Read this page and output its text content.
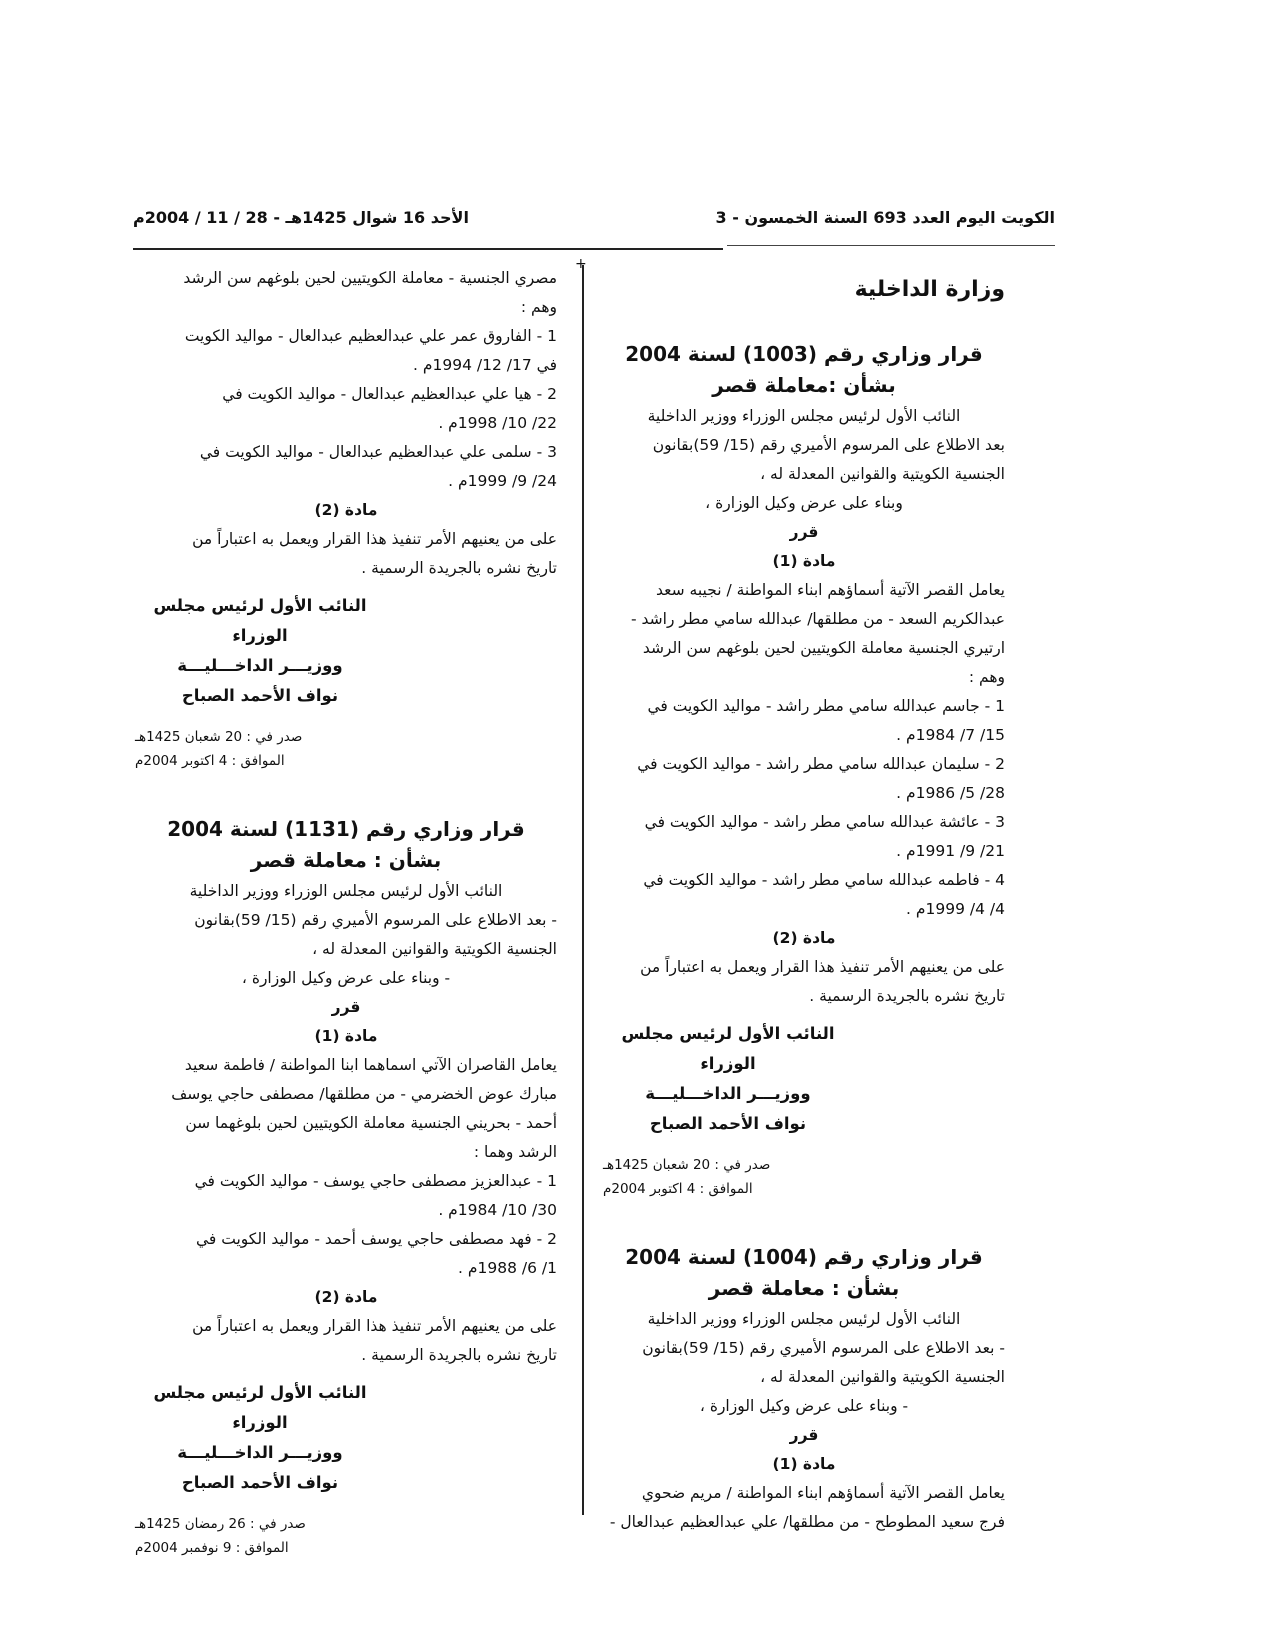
الكويت اليوم العدد 693 السنة الخمسون - 3
الأحد 16 شوال 1425هـ - 28 / 11 / 2004م
+

وزارة الداخلية

قرار وزاري رقم (1003) لسنة 2004

بشأن :معاملة قصر

النائب الأول لرئيس مجلس الوزراء ووزير الداخلية

بعد الاطلاع على المرسوم الأميري رقم (15/ 59)بقانون

الجنسية الكويتية والقوانين المعدلة له ،

وبناء على عرض وكيل الوزارة ،

قرر

مادة (1)

يعامل القصر الآتية أسماؤهم ابناء المواطنة / نجيبه سعد

عبدالكريم السعد - من مطلقها/ عبدالله سامي مطر راشد -

ارتيري الجنسية معاملة الكويتيين لحين بلوغهم سن الرشد

وهم :

1 - جاسم عبدالله سامي مطر راشد - مواليد الكويت في

15/ 7/ 1984م .

2 - سليمان عبدالله سامي مطر راشد - مواليد الكويت في

28/ 5/ 1986م .

3 - عائشة عبدالله سامي مطر راشد - مواليد الكويت في

21/ 9/ 1991م .

4 - فاطمه عبدالله سامي مطر راشد - مواليد الكويت في

4/ 4/ 1999م .

مادة (2)

على من يعنيهم الأمر تنفيذ هذا القرار ويعمل به اعتباراً من

تاريخ نشره بالجريدة الرسمية .

النائب الأول لرئيس مجلس الوزراء

ووزيـــر الداخـــليـــة

نواف الأحمد الصباح

صدر في : 20 شعبان 1425هـ

الموافق : 4 اكتوبر 2004م

قرار وزاري رقم (1004) لسنة 2004

بشأن : معاملة قصر

النائب الأول لرئيس مجلس الوزراء ووزير الداخلية

- بعد الاطلاع على المرسوم الأميري رقم (15/ 59)بقانون

الجنسية الكويتية والقوانين المعدلة له ،

- وبناء على عرض وكيل الوزارة ،

قرر

مادة (1)

يعامل القصر الآتية أسماؤهم ابناء المواطنة / مريم ضحوي

فرج سعيد المطوطح - من مطلقها/ علي عبدالعظيم عبدالعال -

مصري الجنسية - معاملة الكويتيين لحين بلوغهم سن الرشد

وهم :

1 - الفاروق عمر علي عبدالعظيم عبدالعال - مواليد الكويت

في 17/ 12/ 1994م .

2 - هيا علي عبدالعظيم عبدالعال - مواليد الكويت في

22/ 10/ 1998م .

3 - سلمى علي عبدالعظيم عبدالعال - مواليد الكويت في

24/ 9/ 1999م .

مادة (2)

على من يعنيهم الأمر تنفيذ هذا القرار ويعمل به اعتباراً من

تاريخ نشره بالجريدة الرسمية .

النائب الأول لرئيس مجلس الوزراء

ووزيـــر الداخـــليـــة

نواف الأحمد الصباح

صدر في : 20 شعبان 1425هـ

الموافق : 4 اكتوبر 2004م

قرار وزاري رقم (1131) لسنة 2004

بشأن : معاملة قصر

النائب الأول لرئيس مجلس الوزراء ووزير الداخلية

- بعد الاطلاع على المرسوم الأميري رقم (15/ 59)بقانون

الجنسية الكويتية والقوانين المعدلة له ،

- وبناء على عرض وكيل الوزارة ،

قرر

مادة (1)

يعامل القاصران الآتي اسماهما ابنا المواطنة / فاطمة سعيد

مبارك عوض الخضرمي - من مطلقها/ مصطفى حاجي يوسف

أحمد - بحريني الجنسية معاملة الكويتيين لحين بلوغهما سن

الرشد وهما :

1 - عبدالعزيز مصطفى حاجي يوسف - مواليد الكويت في

30/ 10/ 1984م .

2 - فهد مصطفى حاجي يوسف أحمد - مواليد الكويت في

1/ 6/ 1988م .

مادة (2)

على من يعنيهم الأمر تنفيذ هذا القرار ويعمل به اعتباراً من

تاريخ نشره بالجريدة الرسمية .

النائب الأول لرئيس مجلس الوزراء

ووزيـــر الداخـــليـــة

نواف الأحمد الصباح

صدر في : 26 رمضان 1425هـ

الموافق : 9 نوفمبر 2004م
